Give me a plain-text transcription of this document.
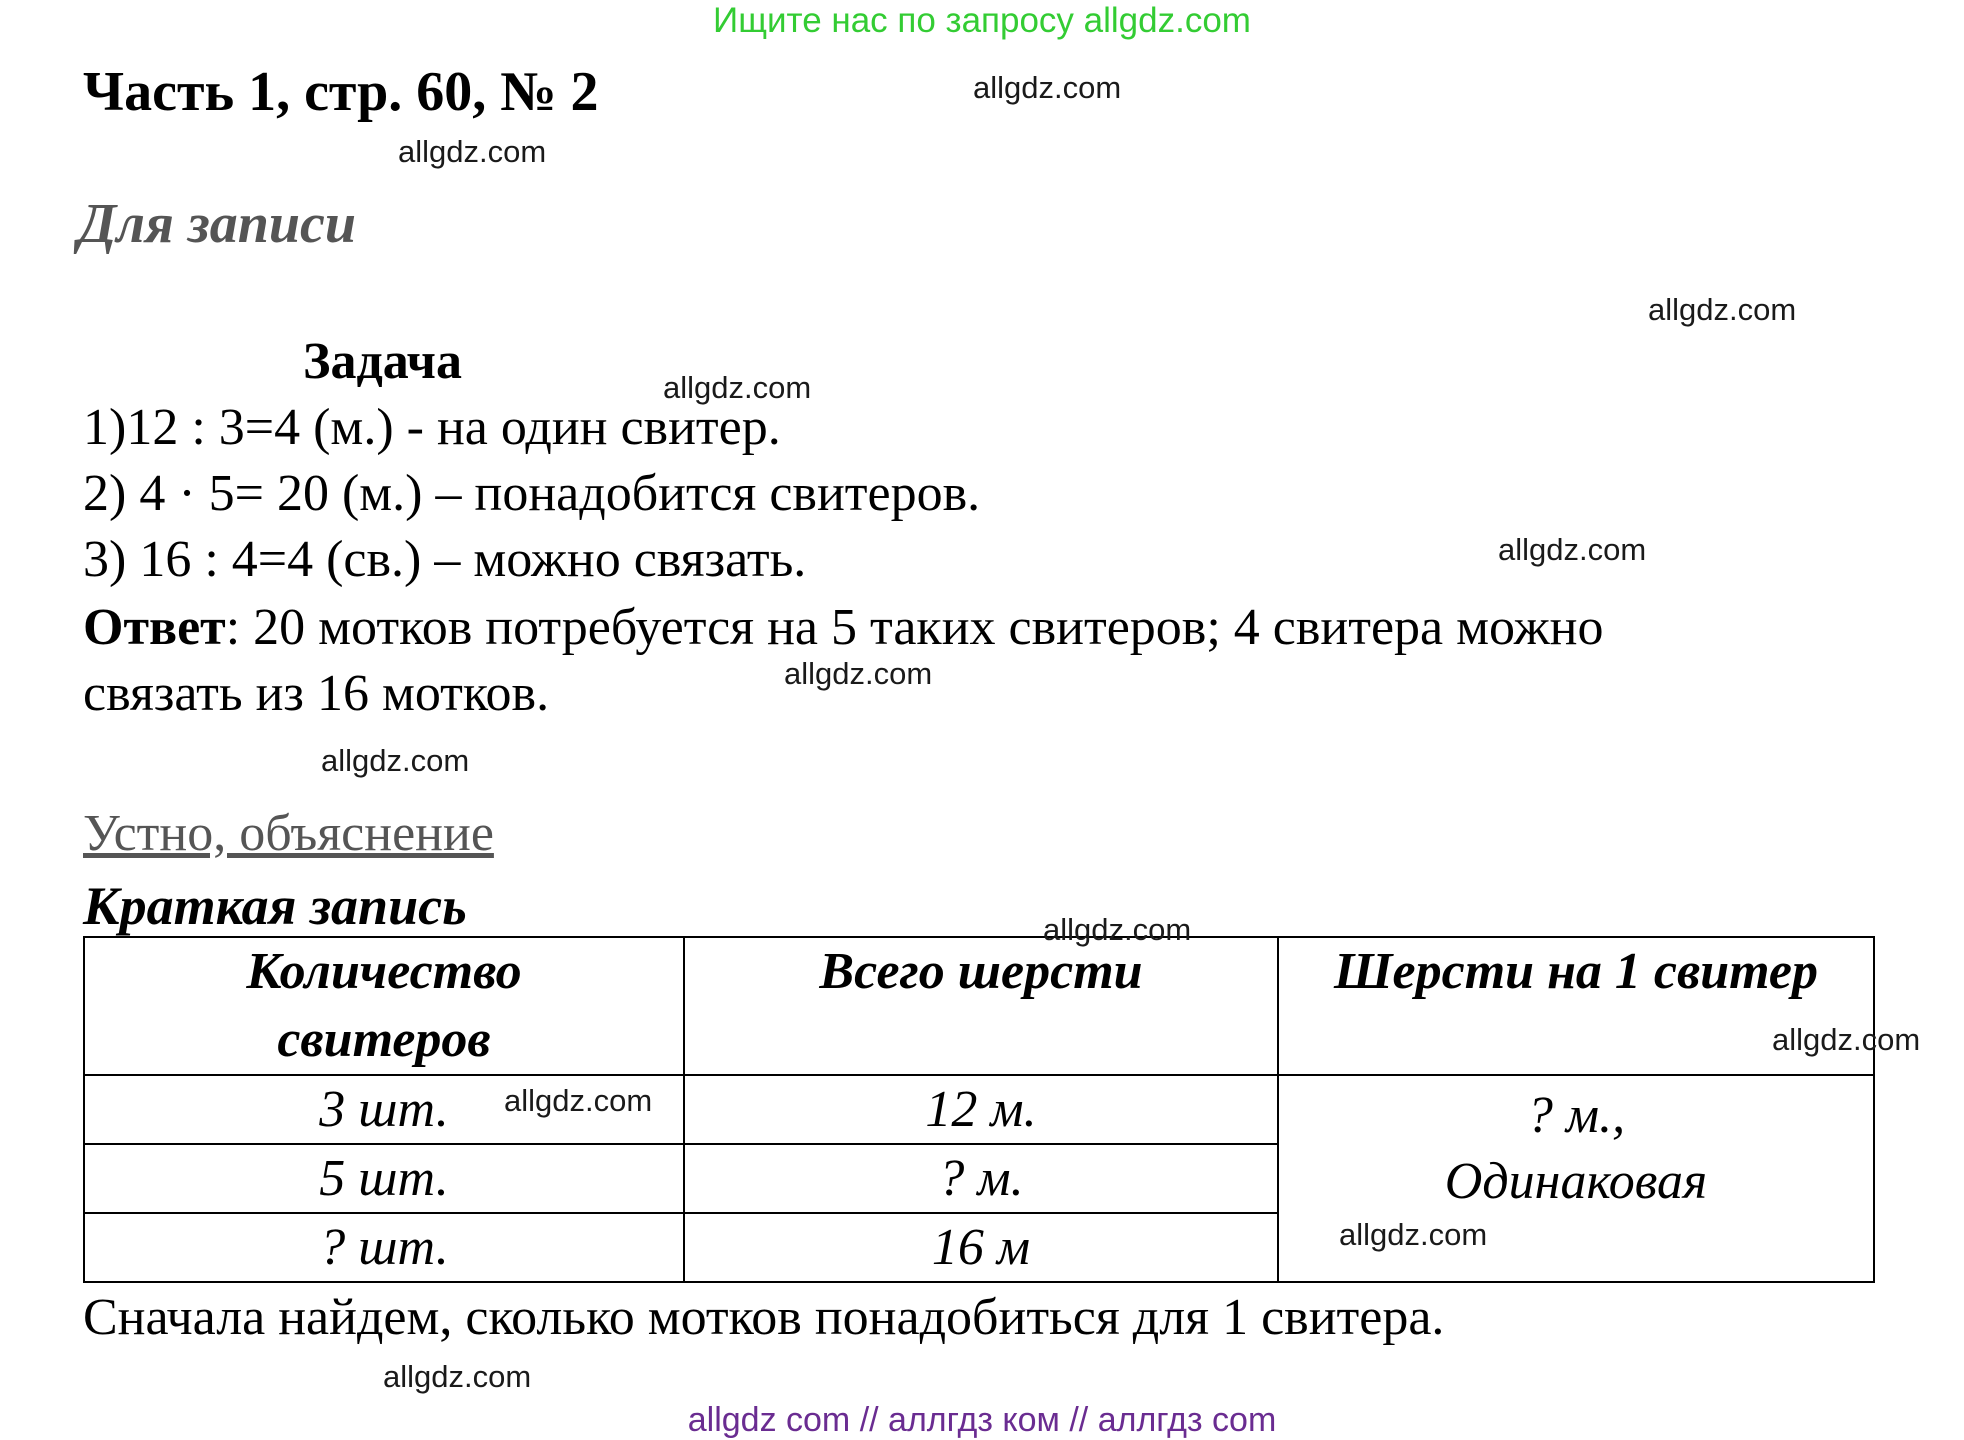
Ищите нас по запросу allgdz.com
Часть 1, стр. 60, № 2
Для записи
Задача
1)12 : 3=4 (м.) - на один свитер.
2) 4 · 5= 20 (м.) – понадобится свитеров.
3) 16 : 4=4 (св.) – можно связать.
Ответ: 20 мотков потребуется на 5 таких свитеров; 4 свитера можно
связать из 16 мотков.
Устно, объяснение
Краткая запись
Количество свитеров	Всего шерсти	Шерсти на 1 свитер
3 шт.	12 м.	? м.,
Одинаковая

5 шт.	? м.	
? шт.	16 м	
Сначала найдем, сколько мотков понадобиться для 1 свитера.
allgdz.com
allgdz.com
allgdz.com
allgdz.com
allgdz.com
allgdz.com
allgdz.com
allgdz.com
allgdz.com
allgdz.com
allgdz.com
allgdz.com
allgdz com // аллгдз ком // аллгдз com
